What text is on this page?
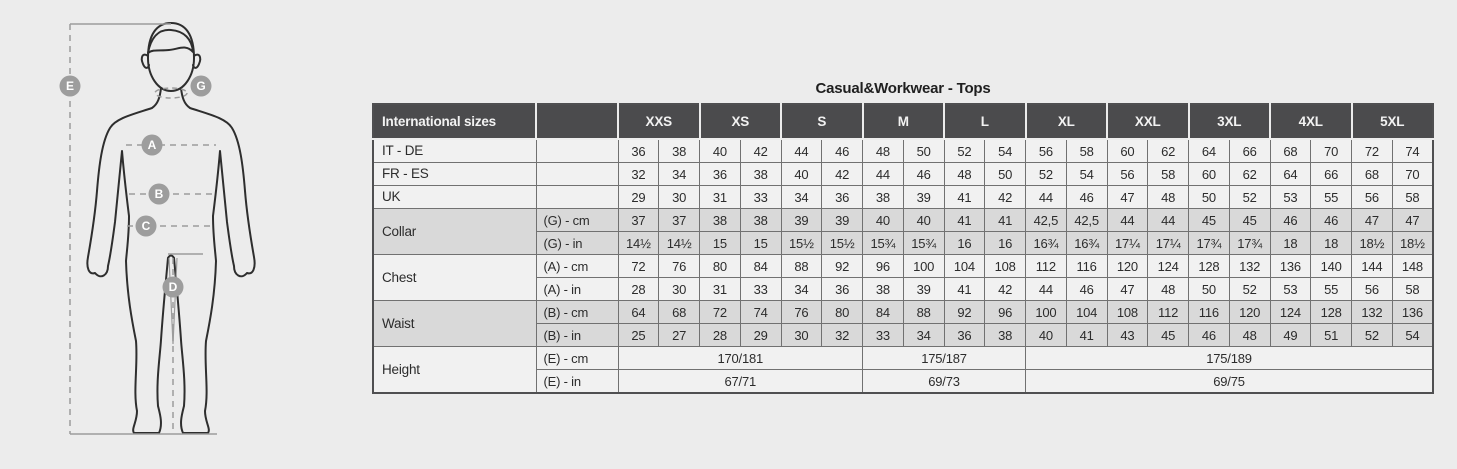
A
B
C
D
E	G	Casual&Workwear - Tops
International sizes		XXS		XS		S		M		L		XL		XXL		3XL		4XL		5XL	
IT - DE		36	38	40	42	44	46	48	50	52	54	56	58	60	62	64	66	68	70	72	74
FR - ES		32	34	36	38	40	42	44	46	48	50	52	54	56	58	60	62	64	66	68	70
UK		29	30	31	33	34	36	38	39	41	42	44	46	47	48	50	52	53	55	56	58
Collar	(G) - cm	37	37	38	38	39	39	40	40	41	41	42,5	42,5	44	44	45	45	46	46	47	47
	(G) - in	14½	14½	15	15	15½	15½	15¾	15¾	16	16	16¾	16¾	17¼	17¼	17¾	17¾	18	18	18½	18½
Chest	(A) - cm	72	76	80	84	88	92	96	100	104	108	112	116	120	124	128	132	136	140	144	148
	(A) - in	28	30	31	33	34	36	38	39	41	42	44	46	47	48	50	52	53	55	56	58
Waist	(B) - cm	64	68	72	74	76	80	84	88	92	96	100	104	108	112	116	120	124	128	132	136
	(B) - in	25	27	28	29	30	32	33	34	36	38	40	41	43	45	46	48	49	51	52	54
Height	(E) - cm	170/181						175/187				175/189									
	(E) - in	67/71						69/73				69/75									
